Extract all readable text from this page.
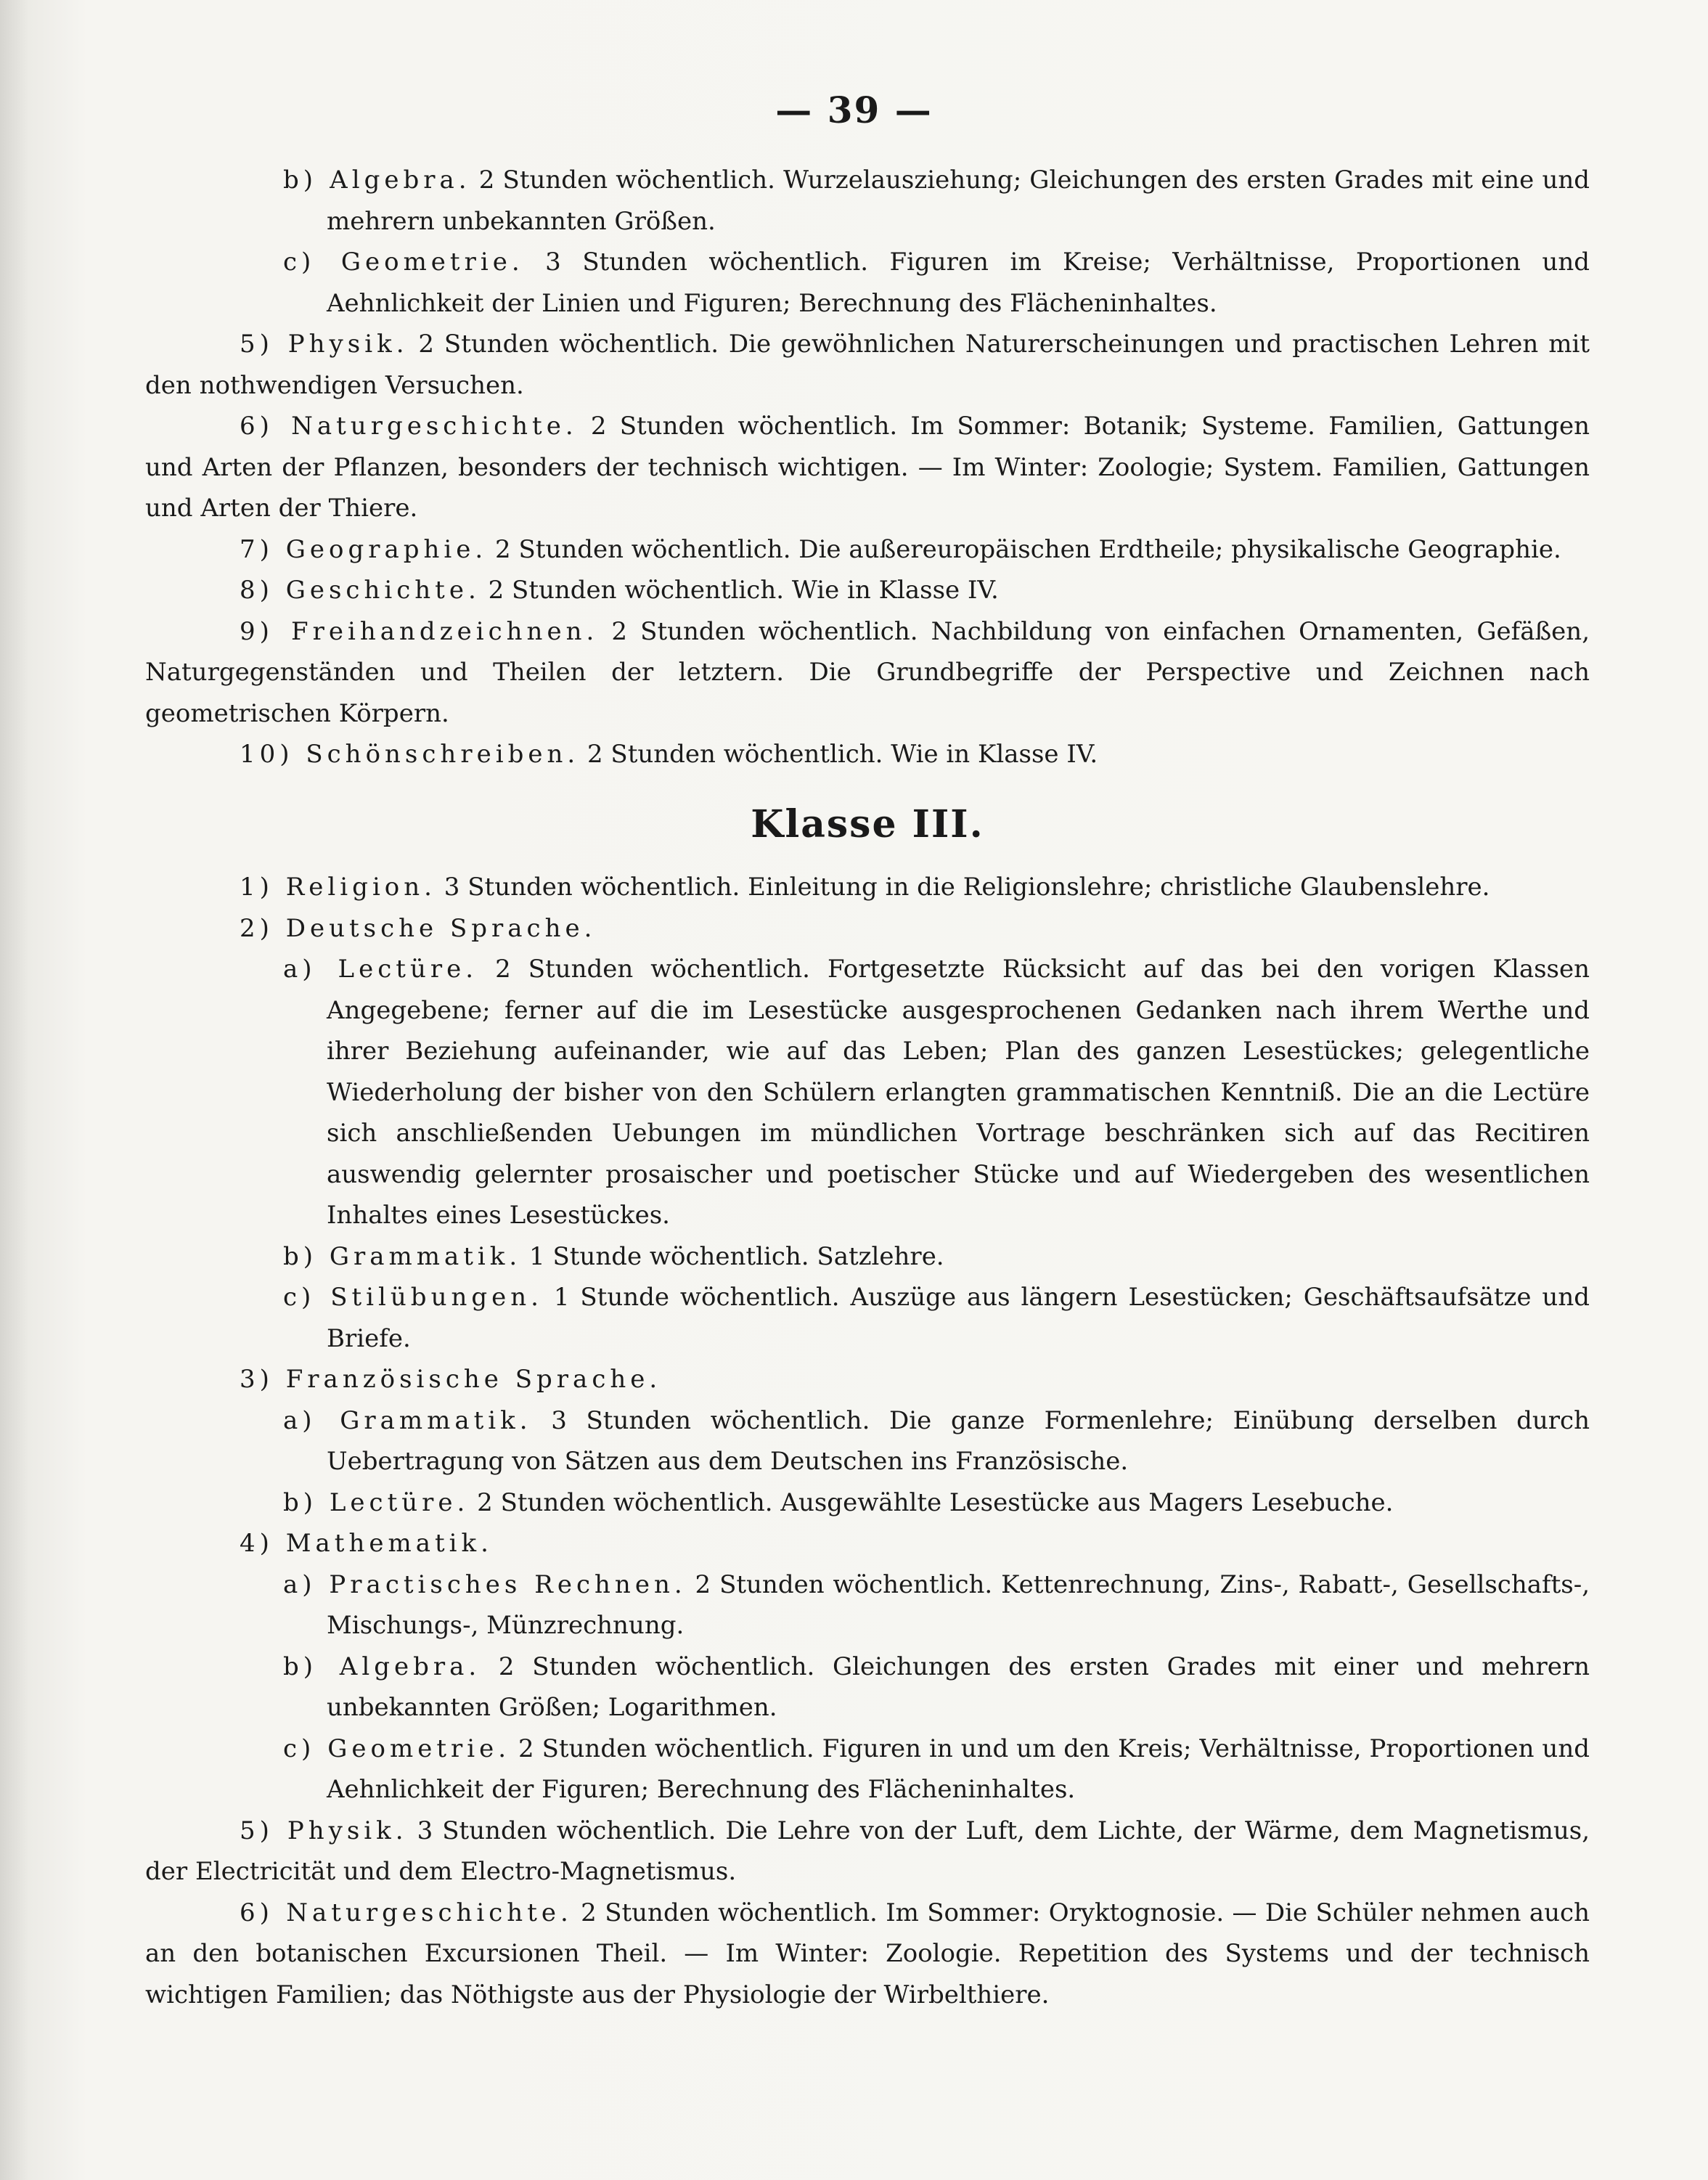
— 39 —

b) Algebra. 2 Stunden wöchentlich. Wurzelausziehung; Gleichungen des ersten Grades mit eine und mehrern unbekannten Größen.

c) Geometrie. 3 Stunden wöchentlich. Figuren im Kreise; Verhältnisse, Proportionen und Aehnlichkeit der Linien und Figuren; Berechnung des Flächeninhaltes.

5) Physik. 2 Stunden wöchentlich. Die gewöhnlichen Naturerscheinungen und practischen Lehren mit den nothwendigen Versuchen.

6) Naturgeschichte. 2 Stunden wöchentlich. Im Sommer: Botanik; Systeme. Familien, Gattungen und Arten der Pflanzen, besonders der technisch wichtigen. — Im Winter: Zoologie; System. Familien, Gattungen und Arten der Thiere.

7) Geographie. 2 Stunden wöchentlich. Die außereuropäischen Erdtheile; physikalische Geographie.

8) Geschichte. 2 Stunden wöchentlich. Wie in Klasse IV.

9) Freihandzeichnen. 2 Stunden wöchentlich. Nachbildung von einfachen Ornamenten, Gefäßen, Naturgegenständen und Theilen der letztern. Die Grundbegriffe der Perspective und Zeichnen nach geometrischen Körpern.

10) Schönschreiben. 2 Stunden wöchentlich. Wie in Klasse IV.

Klasse III.

1) Religion. 3 Stunden wöchentlich. Einleitung in die Religionslehre; christliche Glaubenslehre.

2) Deutsche Sprache.

a) Lectüre. 2 Stunden wöchentlich. Fortgesetzte Rücksicht auf das bei den vorigen Klassen Angegebene; ferner auf die im Lesestücke ausgesprochenen Gedanken nach ihrem Werthe und ihrer Beziehung aufeinander, wie auf das Leben; Plan des ganzen Lesestückes; gelegentliche Wiederholung der bisher von den Schülern erlangten grammatischen Kenntniß. Die an die Lectüre sich anschließenden Uebungen im mündlichen Vortrage beschränken sich auf das Recitiren auswendig gelernter prosaischer und poetischer Stücke und auf Wiedergeben des wesentlichen Inhaltes eines Lesestückes.

b) Grammatik. 1 Stunde wöchentlich. Satzlehre.

c) Stilübungen. 1 Stunde wöchentlich. Auszüge aus längern Lesestücken; Geschäftsaufsätze und Briefe.

3) Französische Sprache.

a) Grammatik. 3 Stunden wöchentlich. Die ganze Formenlehre; Einübung derselben durch Uebertragung von Sätzen aus dem Deutschen ins Französische.

b) Lectüre. 2 Stunden wöchentlich. Ausgewählte Lesestücke aus Magers Lesebuche.

4) Mathematik.

a) Practisches Rechnen. 2 Stunden wöchentlich. Kettenrechnung, Zins-, Rabatt-, Gesellschafts-, Mischungs-, Münzrechnung.

b) Algebra. 2 Stunden wöchentlich. Gleichungen des ersten Grades mit einer und mehrern unbekannten Größen; Logarithmen.

c) Geometrie. 2 Stunden wöchentlich. Figuren in und um den Kreis; Verhältnisse, Proportionen und Aehnlichkeit der Figuren; Berechnung des Flächeninhaltes.

5) Physik. 3 Stunden wöchentlich. Die Lehre von der Luft, dem Lichte, der Wärme, dem Magnetismus, der Electricität und dem Electro-Magnetismus.

6) Naturgeschichte. 2 Stunden wöchentlich. Im Sommer: Oryktognosie. — Die Schüler nehmen auch an den botanischen Excursionen Theil. — Im Winter: Zoologie. Repetition des Systems und der technisch wichtigen Familien; das Nöthigste aus der Physiologie der Wirbelthiere.
